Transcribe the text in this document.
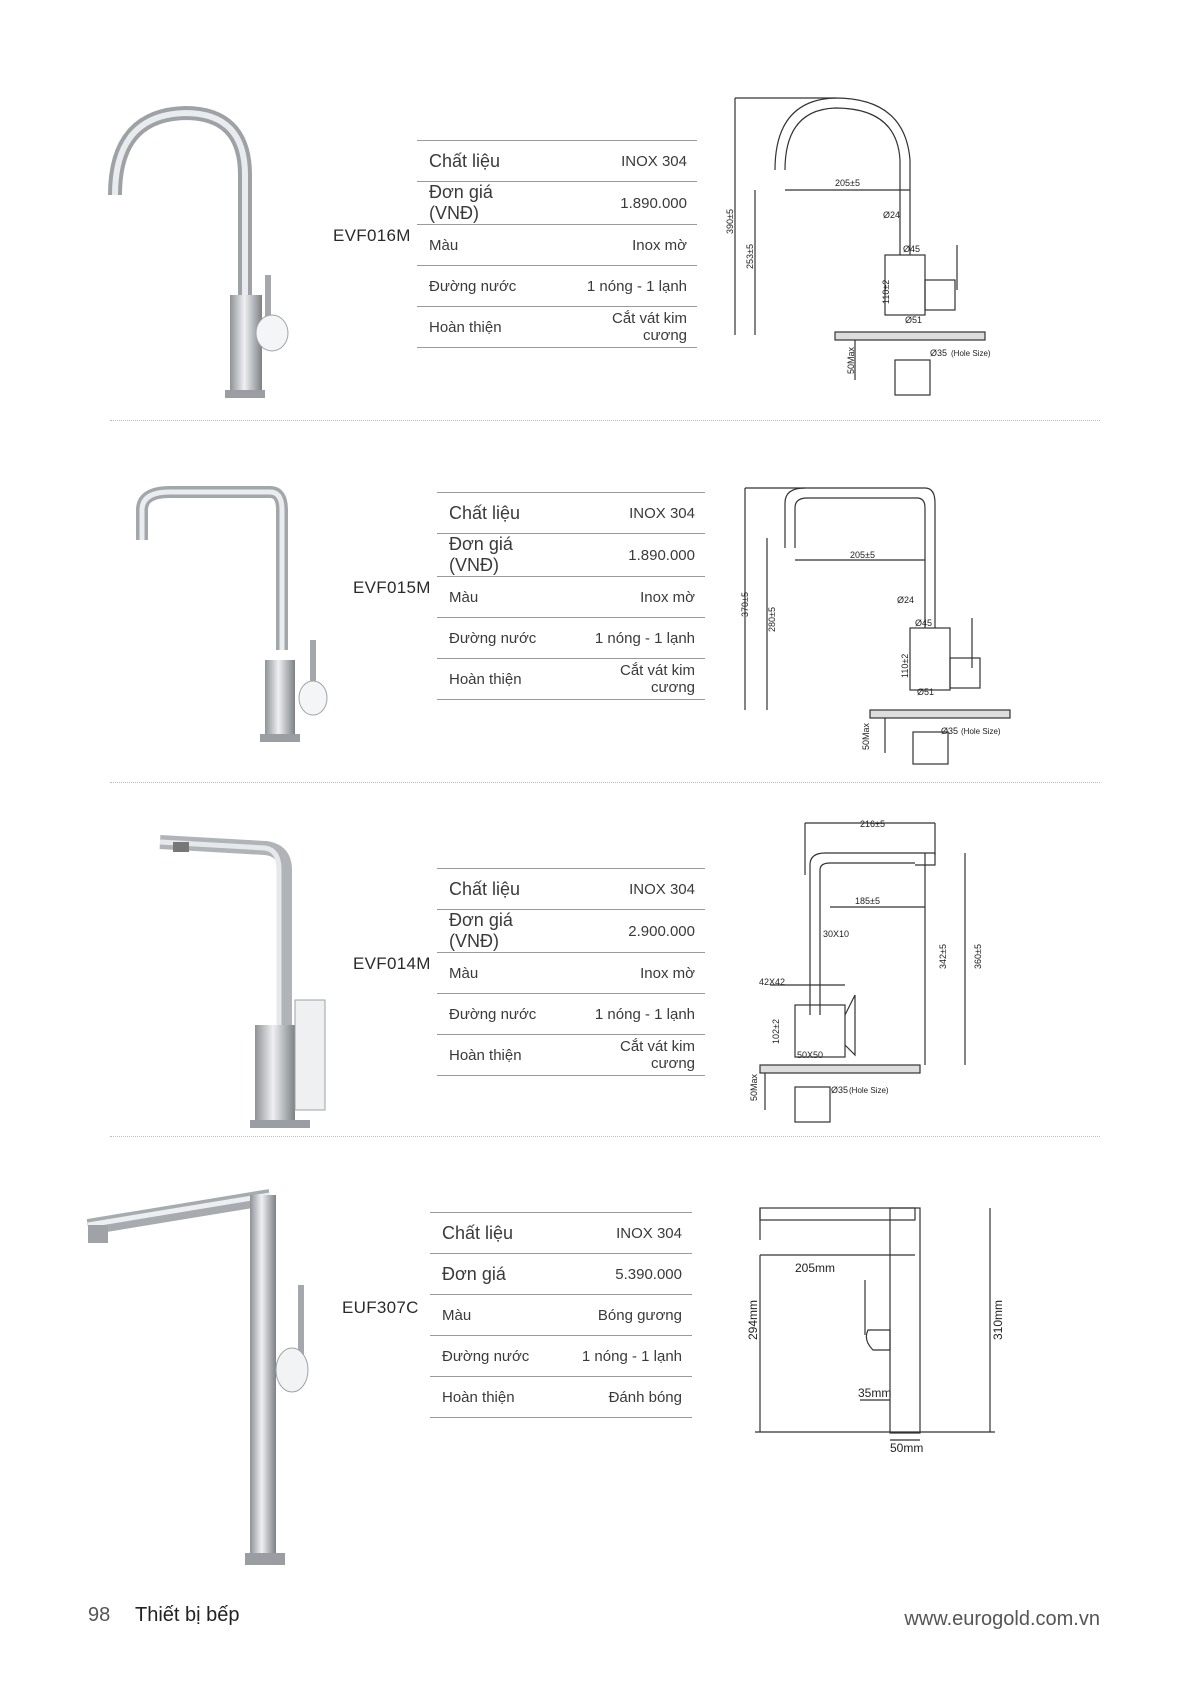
EVF016M
Chất liệu	INOX 304
Đơn giá (VNĐ)	1.890.000
Màu	Inox mờ
Đường nước	1 nóng - 1 lạnh
Hoàn thiện	Cắt vát kim cương
205±5
390±5
253±5
Ø24
Ø45
110±2
Ø51
Ø35 (Hole Size)
50Max
EVF015M
Chất liệu	INOX 304
Đơn giá (VNĐ)	1.890.000
Màu	Inox mờ
Đường nước	1 nóng - 1 lạnh
Hoàn thiện	Cắt vát kim cương
205±5
370±5
280±5
Ø24
Ø45
110±2
Ø51
Ø35 (Hole Size)
50Max
EVF014M
Chất liệu	INOX 304
Đơn giá (VNĐ)	2.900.000
Màu	Inox mờ
Đường nước	1 nóng - 1 lạnh
Hoàn thiện	Cắt vát kim cương
216±5
185±5
30X10
42X42
102±2
50X50
342±5	360±5
Ø35 (Hole Size)
50Max
EUF307C
Chất liệu	INOX 304
Đơn giá	5.390.000
Màu	Bóng gương
Đường nước	1 nóng - 1 lạnh
Hoàn thiện	Đánh bóng
205mm
294mm	310mm
35mm
50mm
98 Thiết bị bếp	www.eurogold.com.vn
